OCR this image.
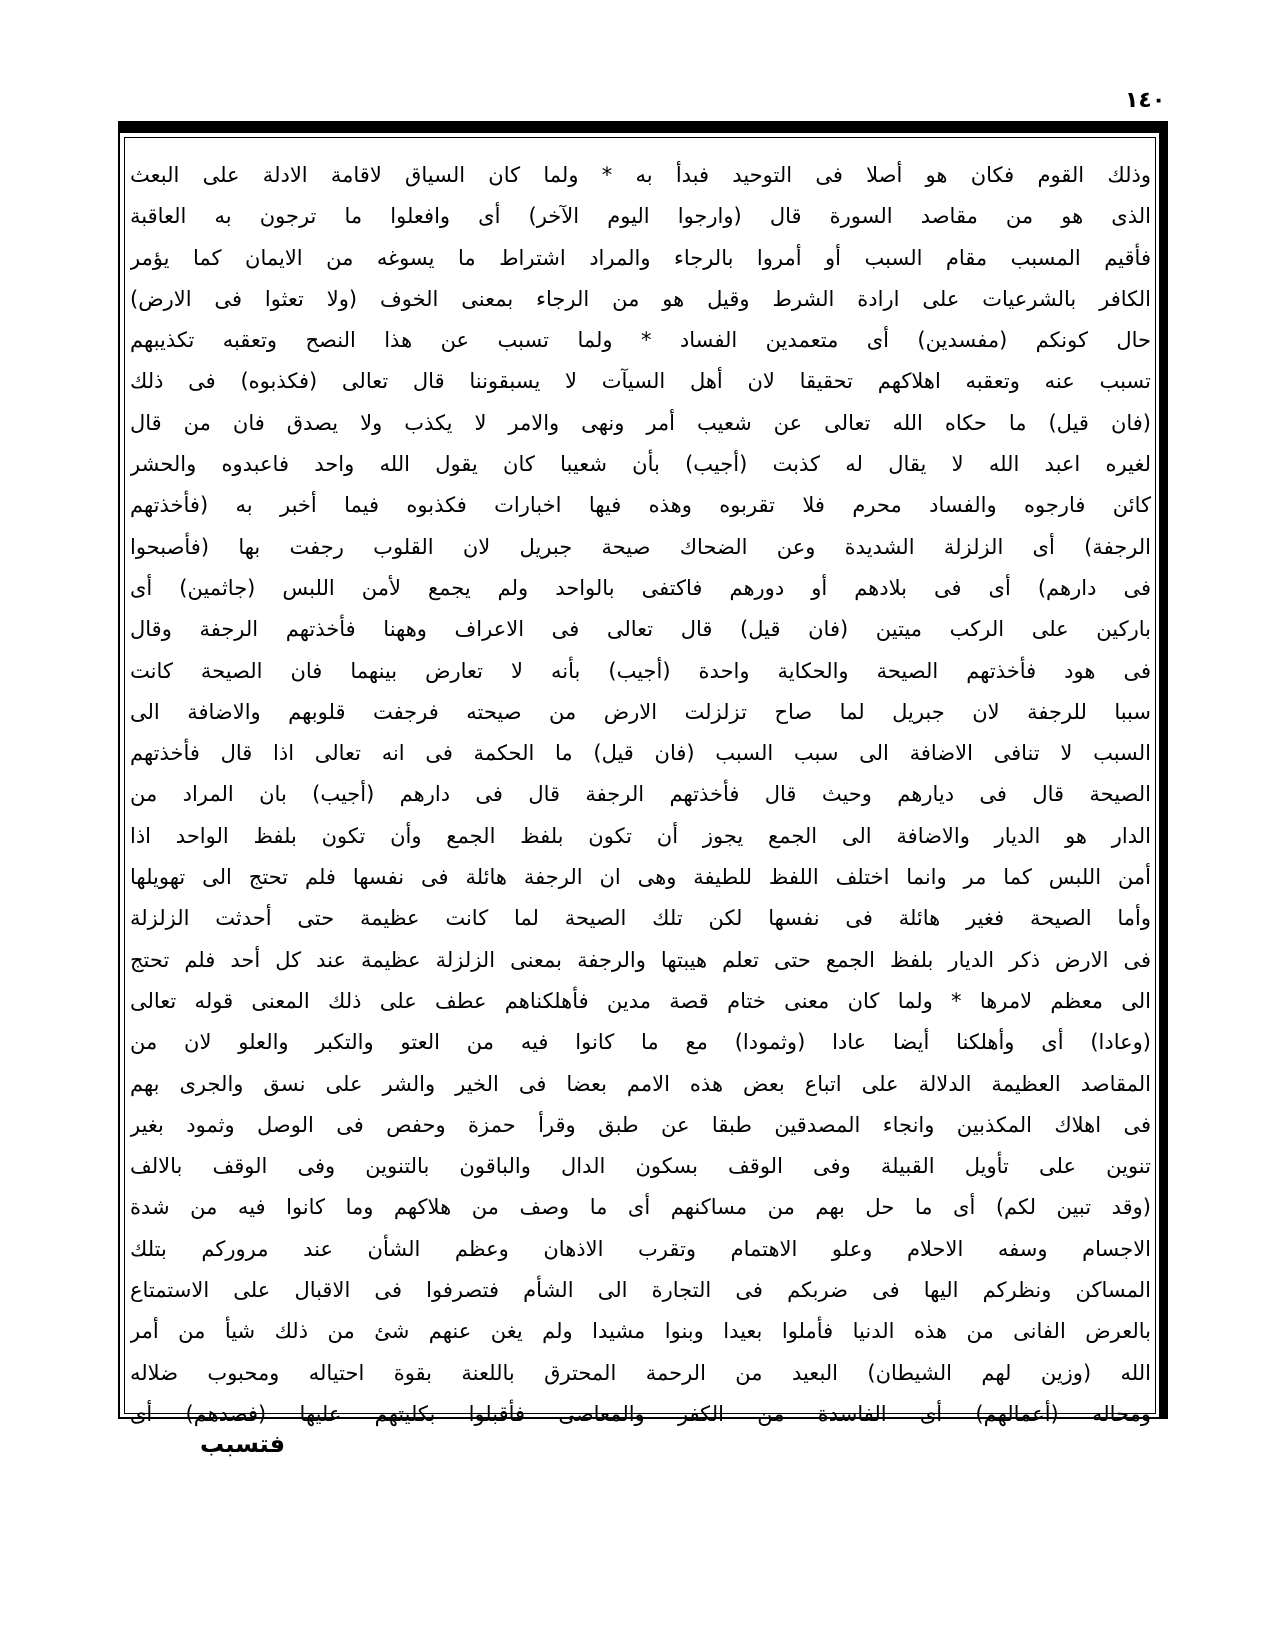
١٤٠
وذلك القوم فكان هو أصلا فى التوحيد فبدأ به * ولما كان السياق لاقامة الادلة على البعث
الذى هو من مقاصد السورة قال (وارجوا اليوم الآخر) أى وافعلوا ما ترجون به العاقبة
فأقيم المسبب مقام السبب أو أمروا بالرجاء والمراد اشتراط ما يسوغه من الايمان كما يؤمر
الكافر بالشرعيات على ارادة الشرط وقيل هو من الرجاء بمعنى الخوف (ولا تعثوا فى الارض)
حال كونكم (مفسدين) أى متعمدين الفساد * ولما تسبب عن هذا النصح وتعقبه تكذيبهم
تسبب عنه وتعقبه اهلاكهم تحقيقا لان أهل السيآت لا يسبقوننا قال تعالى (فكذبوه) فى ذلك
(فان قيل) ما حكاه الله تعالى عن شعيب أمر ونهى والامر لا يكذب ولا يصدق فان من قال
لغيره اعبد الله لا يقال له كذبت (أجيب) بأن شعيبا كان يقول الله واحد فاعبدوه والحشر
كائن فارجوه والفساد محرم فلا تقربوه وهذه فيها اخبارات فكذبوه فيما أخبر به (فأخذتهم
الرجفة) أى الزلزلة الشديدة وعن الضحاك صيحة جبريل لان القلوب رجفت بها (فأصبحوا
فى دارهم) أى فى بلادهم أو دورهم فاكتفى بالواحد ولم يجمع لأمن اللبس (جاثمين) أى
باركين على الركب ميتين (فان قيل) قال تعالى فى الاعراف وههنا فأخذتهم الرجفة وقال
فى هود فأخذتهم الصيحة والحكاية واحدة (أجيب) بأنه لا تعارض بينهما فان الصيحة كانت
سببا للرجفة لان جبريل لما صاح تزلزلت الارض من صيحته فرجفت قلوبهم والاضافة الى
السبب لا تنافى الاضافة الى سبب السبب (فان قيل) ما الحكمة فى انه تعالى اذا قال فأخذتهم
الصيحة قال فى ديارهم وحيث قال فأخذتهم الرجفة قال فى دارهم (أجيب) بان المراد من
الدار هو الديار والاضافة الى الجمع يجوز أن تكون بلفظ الجمع وأن تكون بلفظ الواحد اذا
أمن اللبس كما مر وانما اختلف اللفظ للطيفة وهى ان الرجفة هائلة فى نفسها فلم تحتج الى تهويلها
وأما الصيحة فغير هائلة فى نفسها لكن تلك الصيحة لما كانت عظيمة حتى أحدثت الزلزلة
فى الارض ذكر الديار بلفظ الجمع حتى تعلم هيبتها والرجفة بمعنى الزلزلة عظيمة عند كل أحد فلم تحتج
الى معظم لامرها * ولما كان معنى ختام قصة مدين فأهلكناهم عطف على ذلك المعنى قوله تعالى
(وعادا) أى وأهلكنا أيضا عادا (وثمودا) مع ما كانوا فيه من العتو والتكبر والعلو لان من
المقاصد العظيمة الدلالة على اتباع بعض هذه الامم بعضا فى الخير والشر على نسق والجرى بهم
فى اهلاك المكذبين وانجاء المصدقين طبقا عن طبق وقرأ حمزة وحفص فى الوصل وثمود بغير
تنوين على تأويل القبيلة وفى الوقف بسكون الدال والباقون بالتنوين وفى الوقف بالالف
(وقد تبين لكم) أى ما حل بهم من مساكنهم أى ما وصف من هلاكهم وما كانوا فيه من شدة
الاجسام وسفه الاحلام وعلو الاهتمام وتقرب الاذهان وعظم الشأن عند مروركم بتلك
المساكن ونظركم اليها فى ضربكم فى التجارة الى الشأم فتصرفوا فى الاقبال على الاستمتاع
بالعرض الفانى من هذه الدنيا فأملوا بعيدا وبنوا مشيدا ولم يغن عنهم شئ من ذلك شيأ من أمر
الله (وزين لهم الشيطان) البعيد من الرحمة المحترق باللعنة بقوة احتياله ومحبوب ضلاله
ومحاله (أعمالهم) أى الفاسدة من الكفر والمعاصى فأقبلوا بكليتهم عليها (فصدهم) أى
فتسبب
